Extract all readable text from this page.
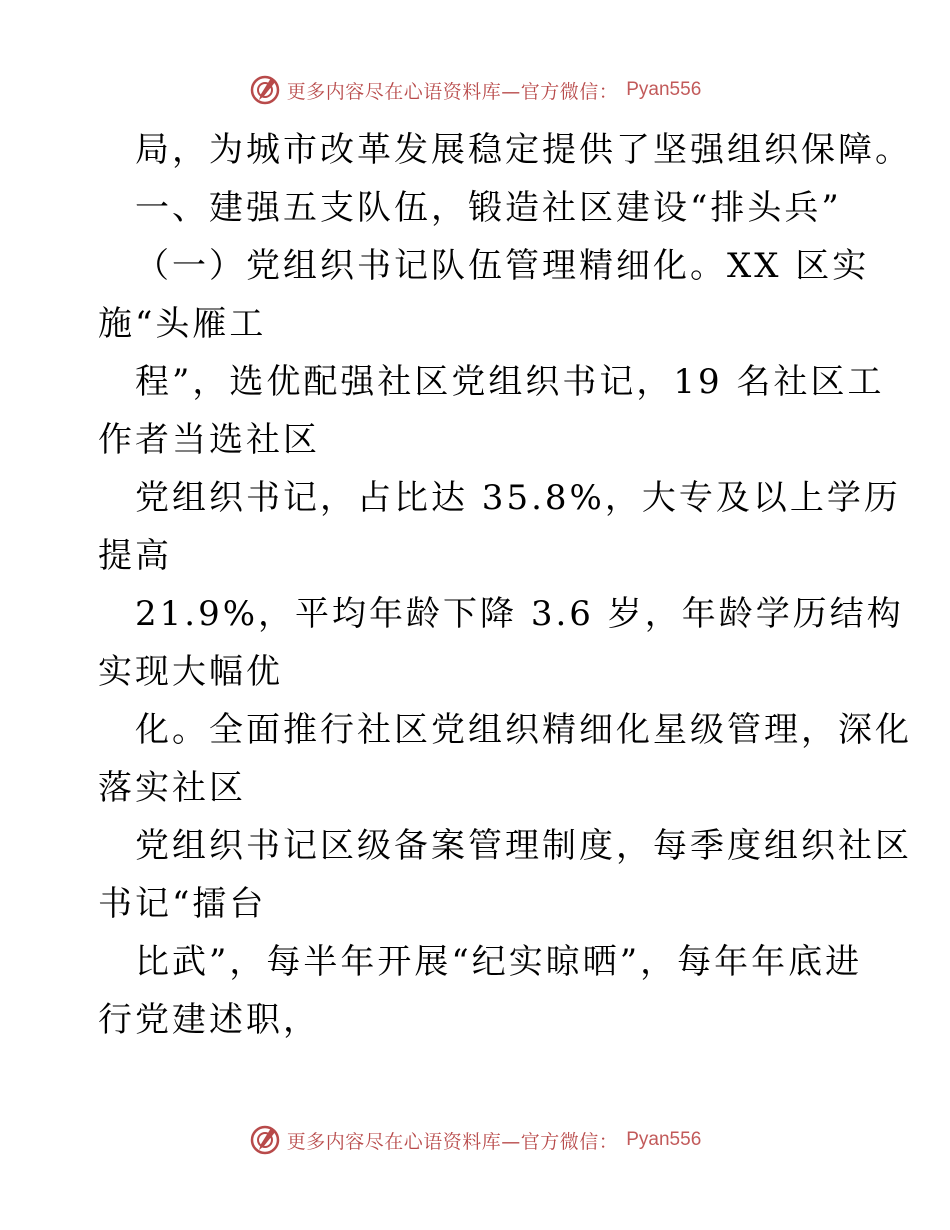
更多内容尽在心语资料库—官方微信： Pyan556
局，为城市改革发展稳定提供了坚强组织保障。
一、建强五支队伍，锻造社区建设“排头兵”
（一）党组织书记队伍管理精细化。XX 区实
施“头雁工
程”，选优配强社区党组织书记，19 名社区工
作者当选社区
党组织书记，占比达 35.8%，大专及以上学历
提高
21.9%，平均年龄下降 3.6 岁，年龄学历结构
实现大幅优
化。全面推行社区党组织精细化星级管理，深化
落实社区
党组织书记区级备案管理制度，每季度组织社区
书记“擂台
比武”，每半年开展“纪实晾晒”，每年年底进
行党建述职，
更多内容尽在心语资料库—官方微信： Pyan556
